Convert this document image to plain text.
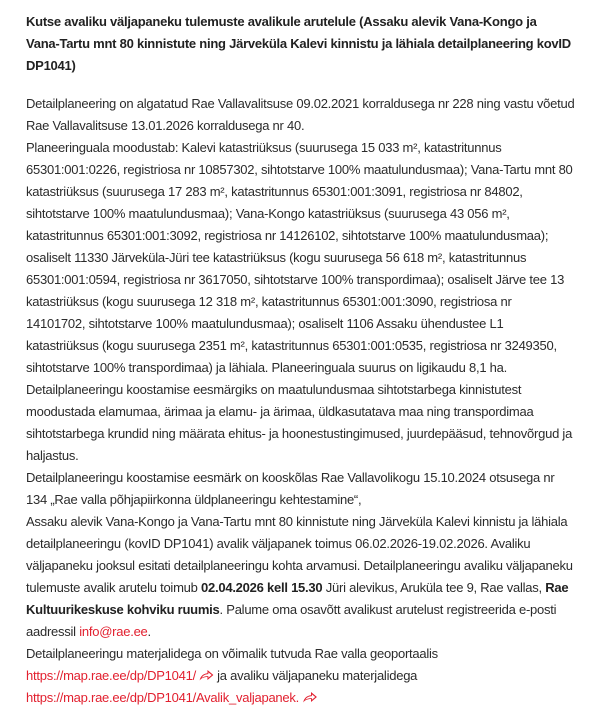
Kutse avaliku väljapaneku tulemuste avalikule arutelule (Assaku alevik Vana-Kongo ja
Vana-Tartu mnt 80 kinnistute ning Järveküla Kalevi kinnistu ja lähiala detailplaneering kovID
DP1041)
Detailplaneering on algatatud Rae Vallavalitsuse 09.02.2021 korraldusega nr 228 ning vastu võetud
Rae Vallavalitsuse 13.01.2026 korraldusega nr 40.
Planeeringuala moodustab: Kalevi katastriüksus (suurusega 15 033 m², katastritunnus
65301:001:0226, registriosa nr 10857302, sihtotstarve 100% maatulundusmaa); Vana-Tartu mnt 80
katastriüksus (suurusega 17 283 m², katastritunnus 65301:001:3091, registriosa nr 84802,
sihtotstarve 100% maatulundusmaa); Vana-Kongo katastriüksus (suurusega 43 056 m²,
katastritunnus 65301:001:3092, registriosa nr 14126102, sihtotstarve 100% maatulundusmaa);
osaliselt 11330 Järveküla-Jüri tee katastriüksus (kogu suurusega 56 618 m², katastritunnus
65301:001:0594, registriosa nr 3617050, sihtotstarve 100% transpordimaa); osaliselt Järve tee 13
katastriüksus (kogu suurusega 12 318 m², katastritunnus 65301:001:3090, registriosa nr
14101702, sihtotstarve 100% maatulundusmaa); osaliselt 1106 Assaku ühendustee L1
katastriüksus (kogu suurusega 2351 m², katastritunnus 65301:001:0535, registriosa nr 3249350,
sihtotstarve 100% transpordimaa) ja lähiala. Planeeringuala suurus on ligikaudu 8,1 ha.
Detailplaneeringu koostamise eesmärgiks on maatulundusmaa sihtotstarbega kinnistutest
moodustada elamumaa, ärimaa ja elamu- ja ärimaa, üldkasutatava maa ning transpordimaa
sihtotstarbega krundid ning määrata ehitus- ja hoonestustingimused, juurdepääsud, tehnovõrgud ja
haljastus.
Detailplaneeringu koostamise eesmärk on kooskõlas Rae Vallavolikogu 15.10.2024 otsusega nr
134 „Rae valla põhjapiirkonna üldplaneeringu kehtestamine“,
Assaku alevik Vana-Kongo ja Vana-Tartu mnt 80 kinnistute ning Järveküla Kalevi kinnistu ja lähiala
detailplaneeringu (kovID DP1041) avalik väljapanek toimus 06.02.2026-19.02.2026. Avaliku
väljapaneku jooksul esitati detailplaneeringu kohta arvamusi. Detailplaneeringu avaliku väljapaneku
tulemuste avalik arutelu toimub 02.04.2026 kell 15.30 Jüri alevikus, Aruküla tee 9, Rae vallas, Rae
Kultuurikeskuse kohviku ruumis. Palume oma osavõtt avalikust arutelust registreerida e-posti
aadressil info@rae.ee.
Detailplaneeringu materjalidega on võimalik tutvuda Rae valla geoportaalis
https://map.rae.ee/dp/DP1041/
ja avaliku väljapaneku materjalidega
https://map.rae.ee/dp/DP1041/Avalik_valjapanek.
